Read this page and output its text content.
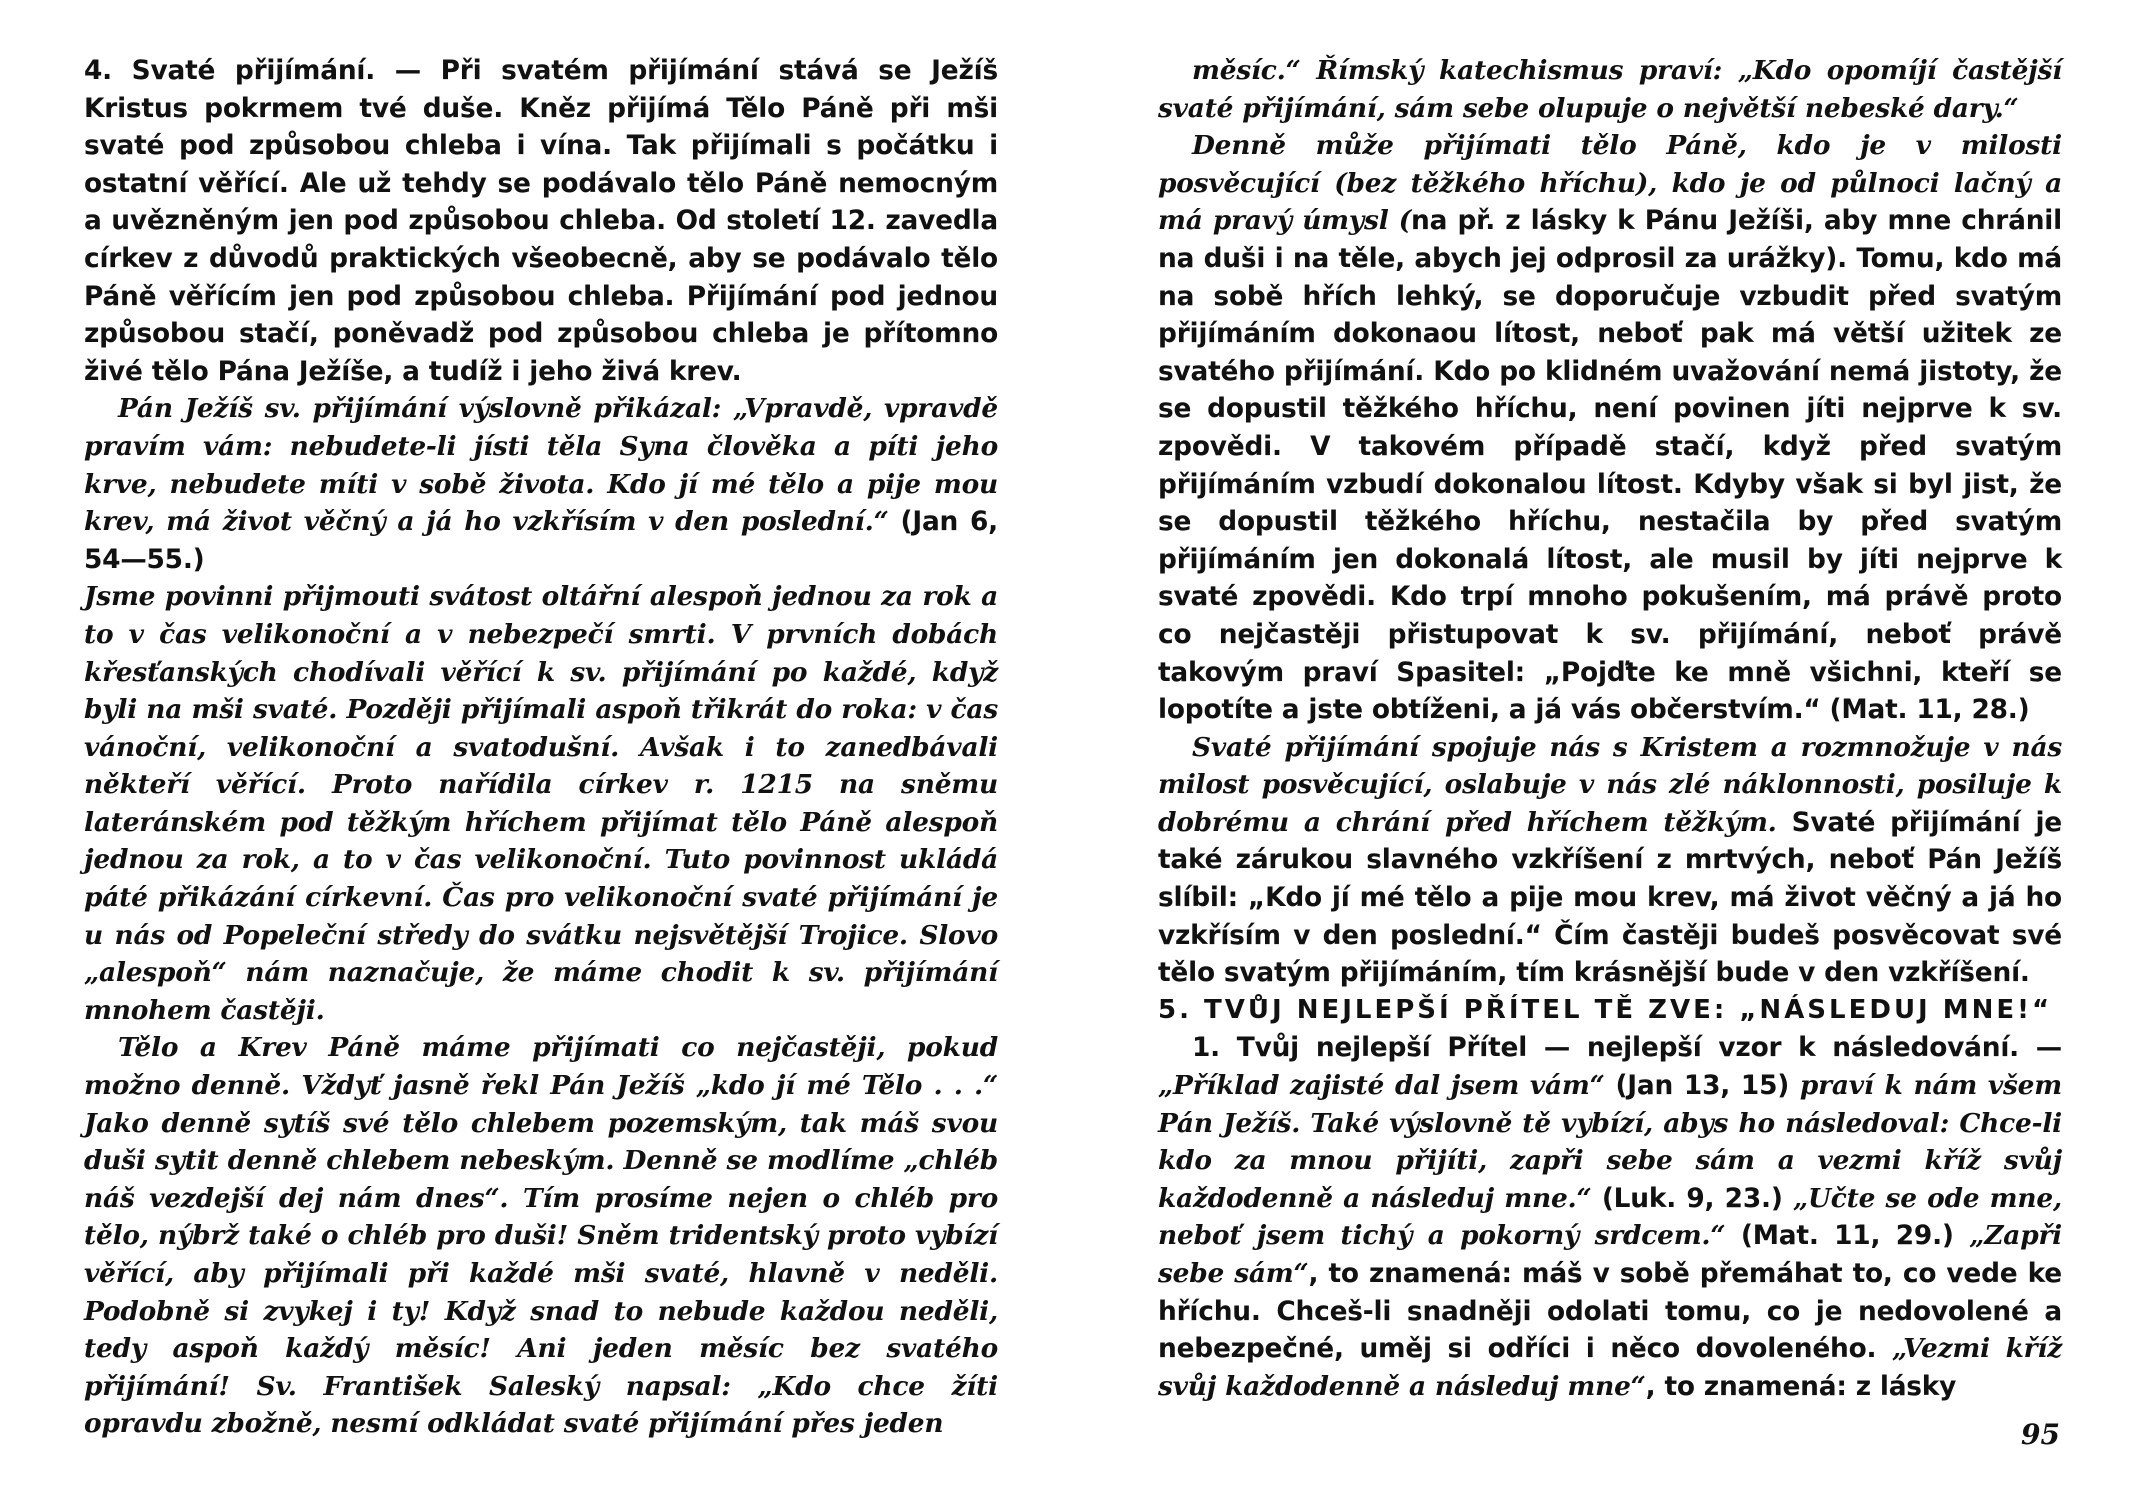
4. Svaté přijímání. — Při svatém přijímání stává se Ježíš Kristus pokrmem tvé duše. Kněz přijímá Tělo Páně při mši svaté pod způsobou chleba i vína. Tak přijímali s počátku i ostatní věřící. Ale už tehdy se podávalo tělo Páně nemocným a uvězněným jen pod způsobou chleba. Od století 12. zavedla církev z důvodů praktických všeobecně, aby se podávalo tělo Páně věřícím jen pod způsobou chleba. Přijímání pod jednou způsobou stačí, poněvadž pod způsobou chleba je přítomno živé tělo Pána Ježíše, a tudíž i jeho živá krev.

Pán Ježíš sv. přijímání výslovně přikázal: „Vpravdě, vpravdě pravím vám: nebudete-li jísti těla Syna člověka a píti jeho krve, nebudete míti v sobě života. Kdo jí mé tělo a pije mou krev, má život věčný a já ho vzkřísím v den poslední.“ (Jan 6, 54—55.)

Jsme povinni přijmouti svátost oltářní alespoň jednou za rok a to v čas velikonoční a v nebezpečí smrti. V prvních dobách křesťanských chodívali věřící k sv. přijímání po každé, když byli na mši svaté. Později přijímali aspoň třikrát do roka: v čas vánoční, velikonoční a svatodušní. Avšak i to zanedbávali někteří věřící. Proto nařídila církev r. 1215 na sněmu lateránském pod těžkým hříchem přijímat tělo Páně alespoň jednou za rok, a to v čas velikonoční. Tuto povinnost ukládá páté přikázání církevní. Čas pro velikonoční svaté přijímání je u nás od Popeleční středy do svátku nejsvětější Trojice. Slovo „alespoň“ nám naznačuje, že máme chodit k sv. přijímání mnohem častěji.

Tělo a Krev Páně máme přijímati co nejčastěji, pokud možno denně. Vždyť jasně řekl Pán Ježíš „kdo jí mé Tělo . . .“ Jako denně sytíš své tělo chlebem pozemským, tak máš svou duši sytit denně chlebem nebeským. Denně se modlíme „chléb náš vezdejší dej nám dnes“. Tím prosíme nejen o chléb pro tělo, nýbrž také o chléb pro duši! Sněm tridentský proto vybízí věřící, aby přijímali při každé mši svaté, hlavně v neděli. Podobně si zvykej i ty! Když snad to nebude každou neděli, tedy aspoň každý měsíc! Ani jeden měsíc bez svatého přijímání! Sv. František Saleský napsal: „Kdo chce žíti opravdu zbožně, nesmí odkládat svaté přijímání přes jeden

měsíc.“ Římský katechismus praví: „Kdo opomíjí častější svaté přijímání, sám sebe olupuje o největší nebeské dary.“

Denně může přijímati tělo Páně, kdo je v milosti posvěcující (bez těžkého hříchu), kdo je od půlnoci lačný a má pravý úmysl (na př. z lásky k Pánu Ježíši, aby mne chránil na duši i na těle, abych jej odprosil za urážky). Tomu, kdo má na sobě hřích lehký, se doporučuje vzbudit před svatým přijímáním dokonaou lítost, neboť pak má větší užitek ze svatého přijímání. Kdo po klidném uvažování nemá jistoty, že se dopustil těžkého hříchu, není povinen jíti nejprve k sv. zpovědi. V takovém případě stačí, když před svatým přijímáním vzbudí dokonalou lítost. Kdyby však si byl jist, že se dopustil těžkého hříchu, nestačila by před svatým přijímáním jen dokonalá lítost, ale musil by jíti nejprve k svaté zpovědi. Kdo trpí mnoho pokušením, má právě proto co nejčastěji přistupovat k sv. přijímání, neboť právě takovým praví Spasitel: „Pojďte ke mně všichni, kteří se lopotíte a jste obtíženi, a já vás občerstvím.“ (Mat. 11, 28.)

Svaté přijímání spojuje nás s Kristem a rozmnožuje v nás milost posvěcující, oslabuje v nás zlé náklonnosti, posiluje k dobrému a chrání před hříchem těžkým. Svaté přijímání je také zárukou slavného vzkříšení z mrtvých, neboť Pán Ježíš slíbil: „Kdo jí mé tělo a pije mou krev, má život věčný a já ho vzkřísím v den poslední.“ Čím častěji budeš posvěcovat své tělo svatým přijímáním, tím krásnější bude v den vzkříšení.

5. TVŮJ NEJLEPŠÍ PŘÍTEL TĚ ZVE: „NÁSLEDUJ MNE!“

1. Tvůj nejlepší Přítel — nejlepší vzor k následování. — „Příklad zajisté dal jsem vám“ (Jan 13, 15) praví k nám všem Pán Ježíš. Také výslovně tě vybízí, abys ho následoval: Chce-li kdo za mnou přijíti, zapři sebe sám a vezmi kříž svůj každodenně a následuj mne.“ (Luk. 9, 23.) „Učte se ode mne, neboť jsem tichý a pokorný srdcem.“ (Mat. 11, 29.) „Zapři sebe sám“, to znamená: máš v sobě přemáhat to, co vede ke hříchu. Chceš-li snadněji odolati tomu, co je nedovolené a nebezpečné, uměj si odříci i něco dovoleného. „Vezmi kříž svůj každodenně a následuj mne“, to znamená: z lásky

95
